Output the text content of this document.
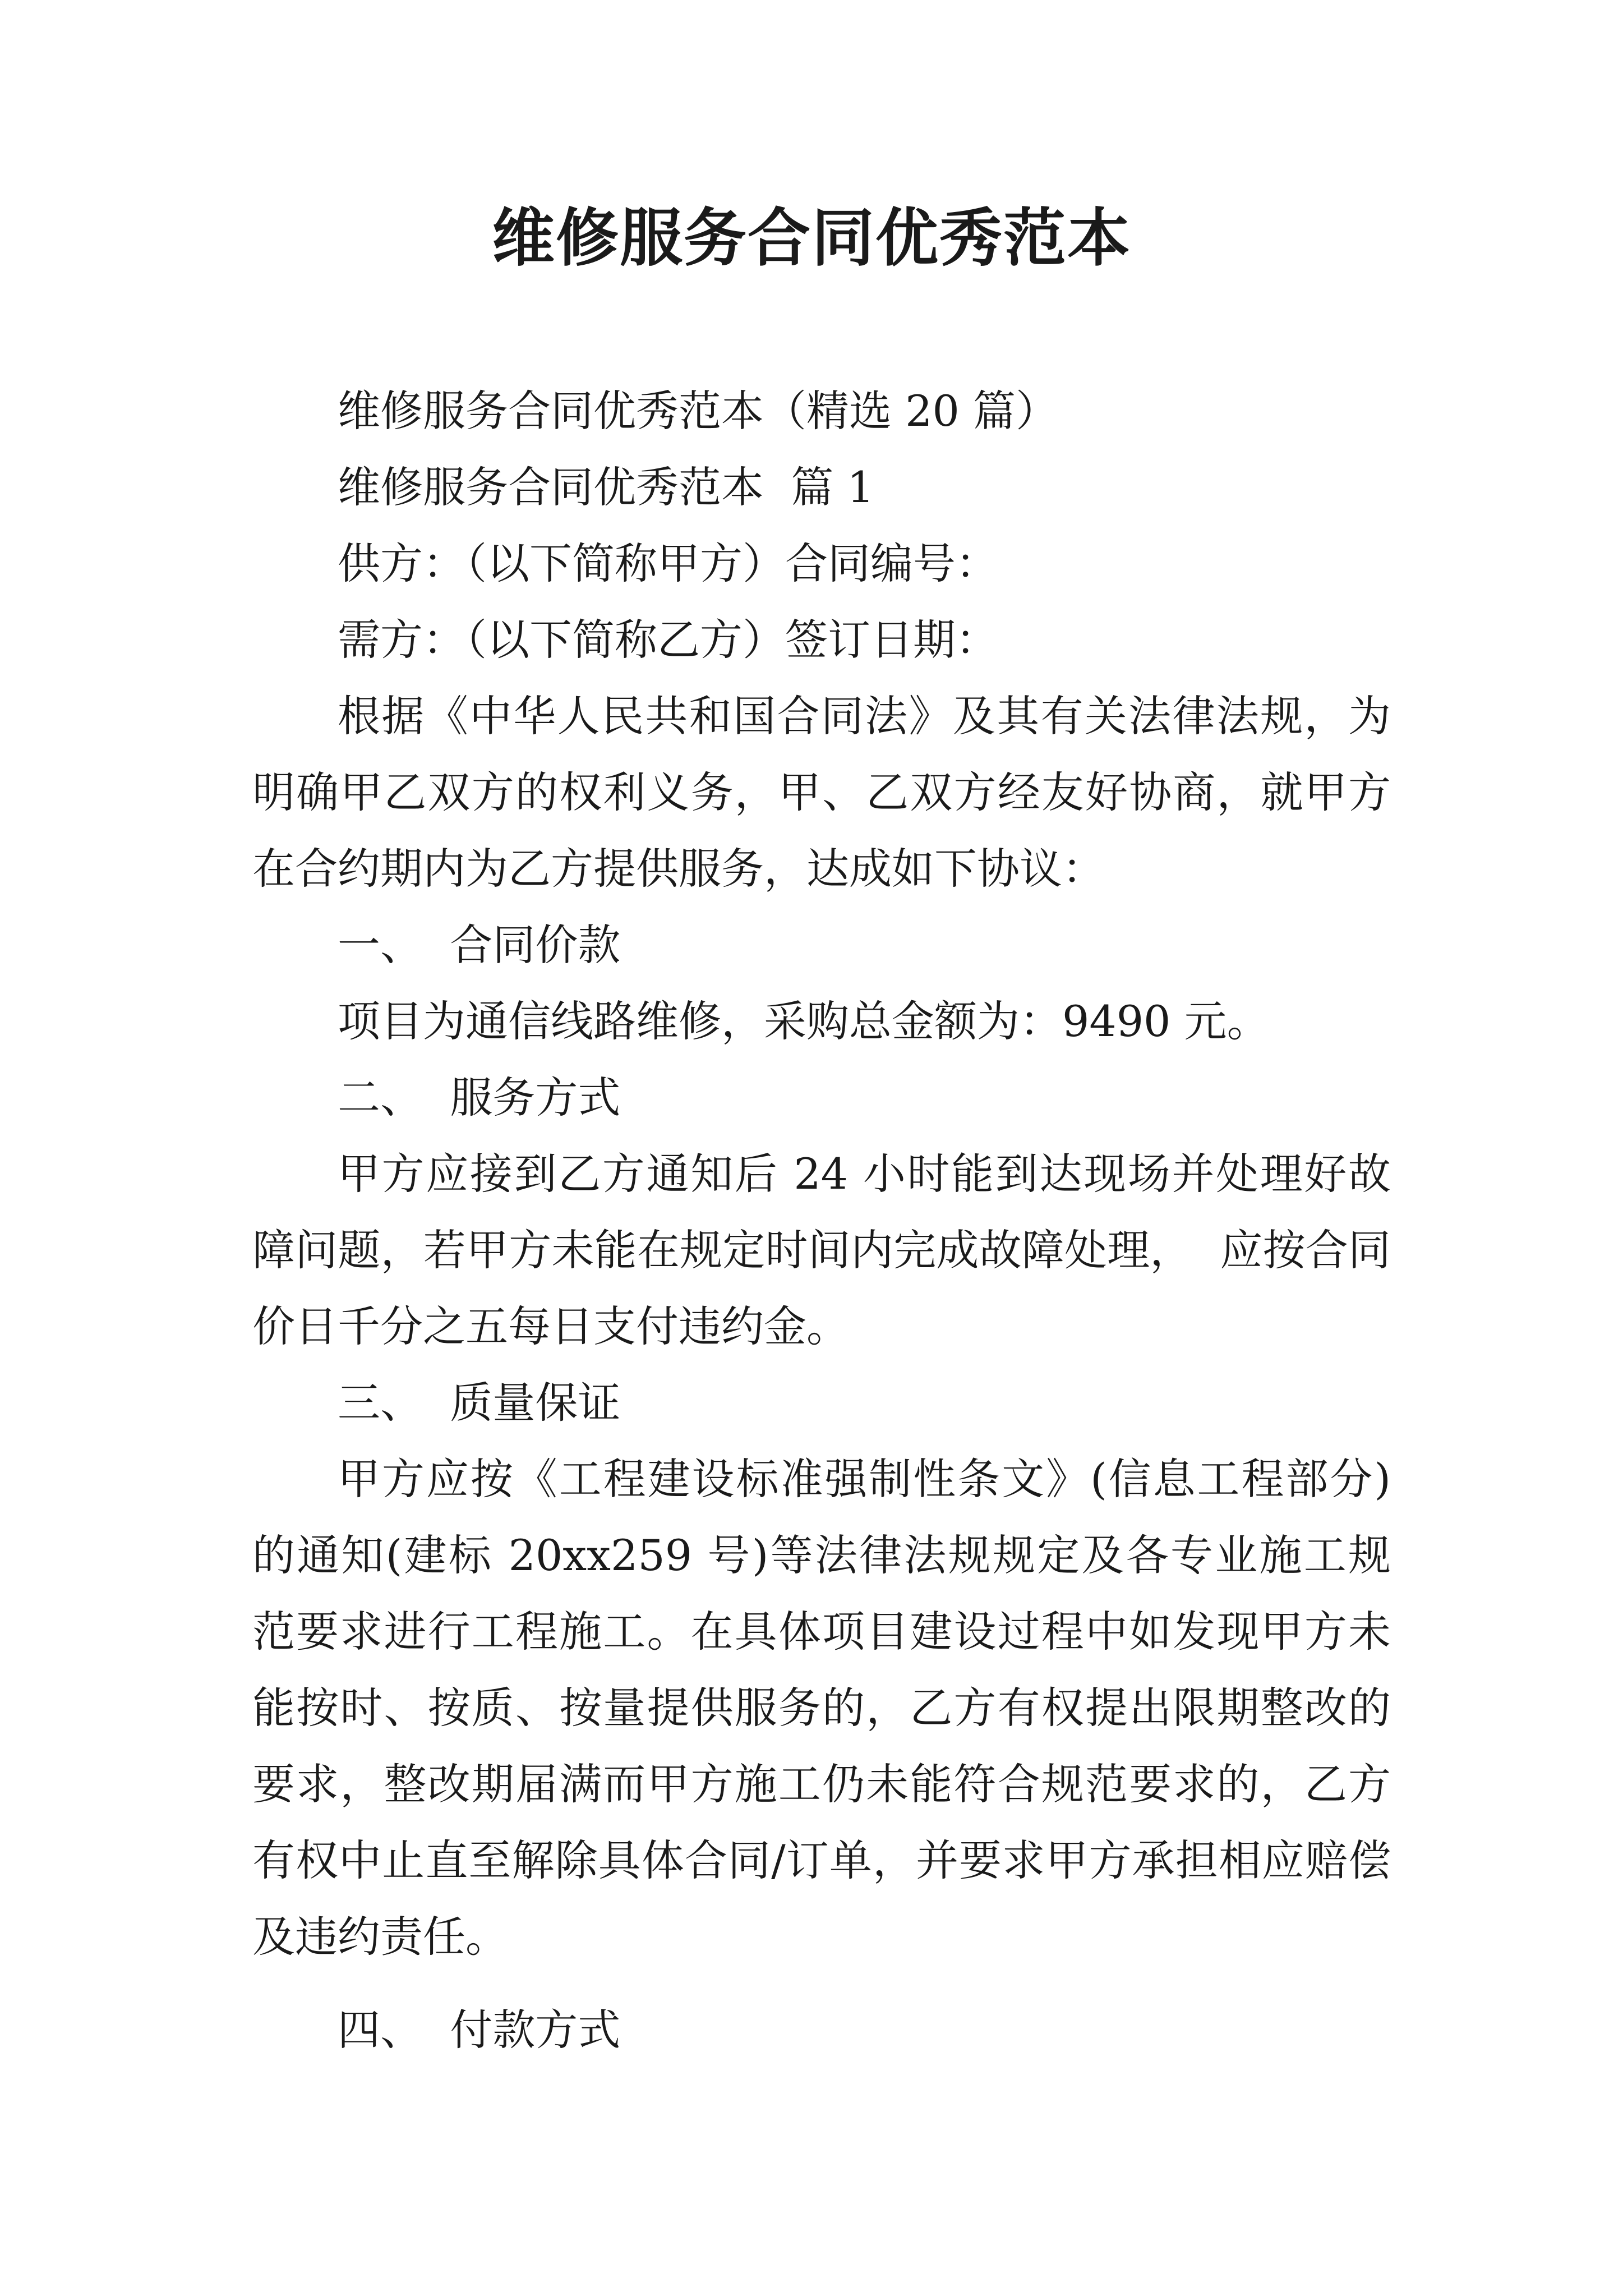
维修服务合同优秀范本

维修服务合同优秀范本（精选 20 篇）

维修服务合同优秀范本  篇 1

供方：（以下简称甲方）合同编号：

需方：（以下简称乙方）签订日期：

根据《中华人民共和国合同法》及其有关法律法规，为明确甲乙双方的权利义务，甲、乙双方经友好协商，就甲方在合约期内为乙方提供服务，达成如下协议：

一、  合同价款

项目为通信线路维修，采购总金额为：9490 元。

二、  服务方式

甲方应接到乙方通知后 24 小时能到达现场并处理好故障问题，若甲方未能在规定时间内完成故障处理，  应按合同价日千分之五每日支付违约金。

三、  质量保证

甲方应按《工程建设标准强制性条文》(信息工程部分)的通知(建标 20xx259 号)等法律法规规定及各专业施工规范要求进行工程施工。在具体项目建设过程中如发现甲方未能按时、按质、按量提供服务的，乙方有权提出限期整改的要求，整改期届满而甲方施工仍未能符合规范要求的，乙方有权中止直至解除具体合同/订单，并要求甲方承担相应赔偿及违约责任。

四、  付款方式
